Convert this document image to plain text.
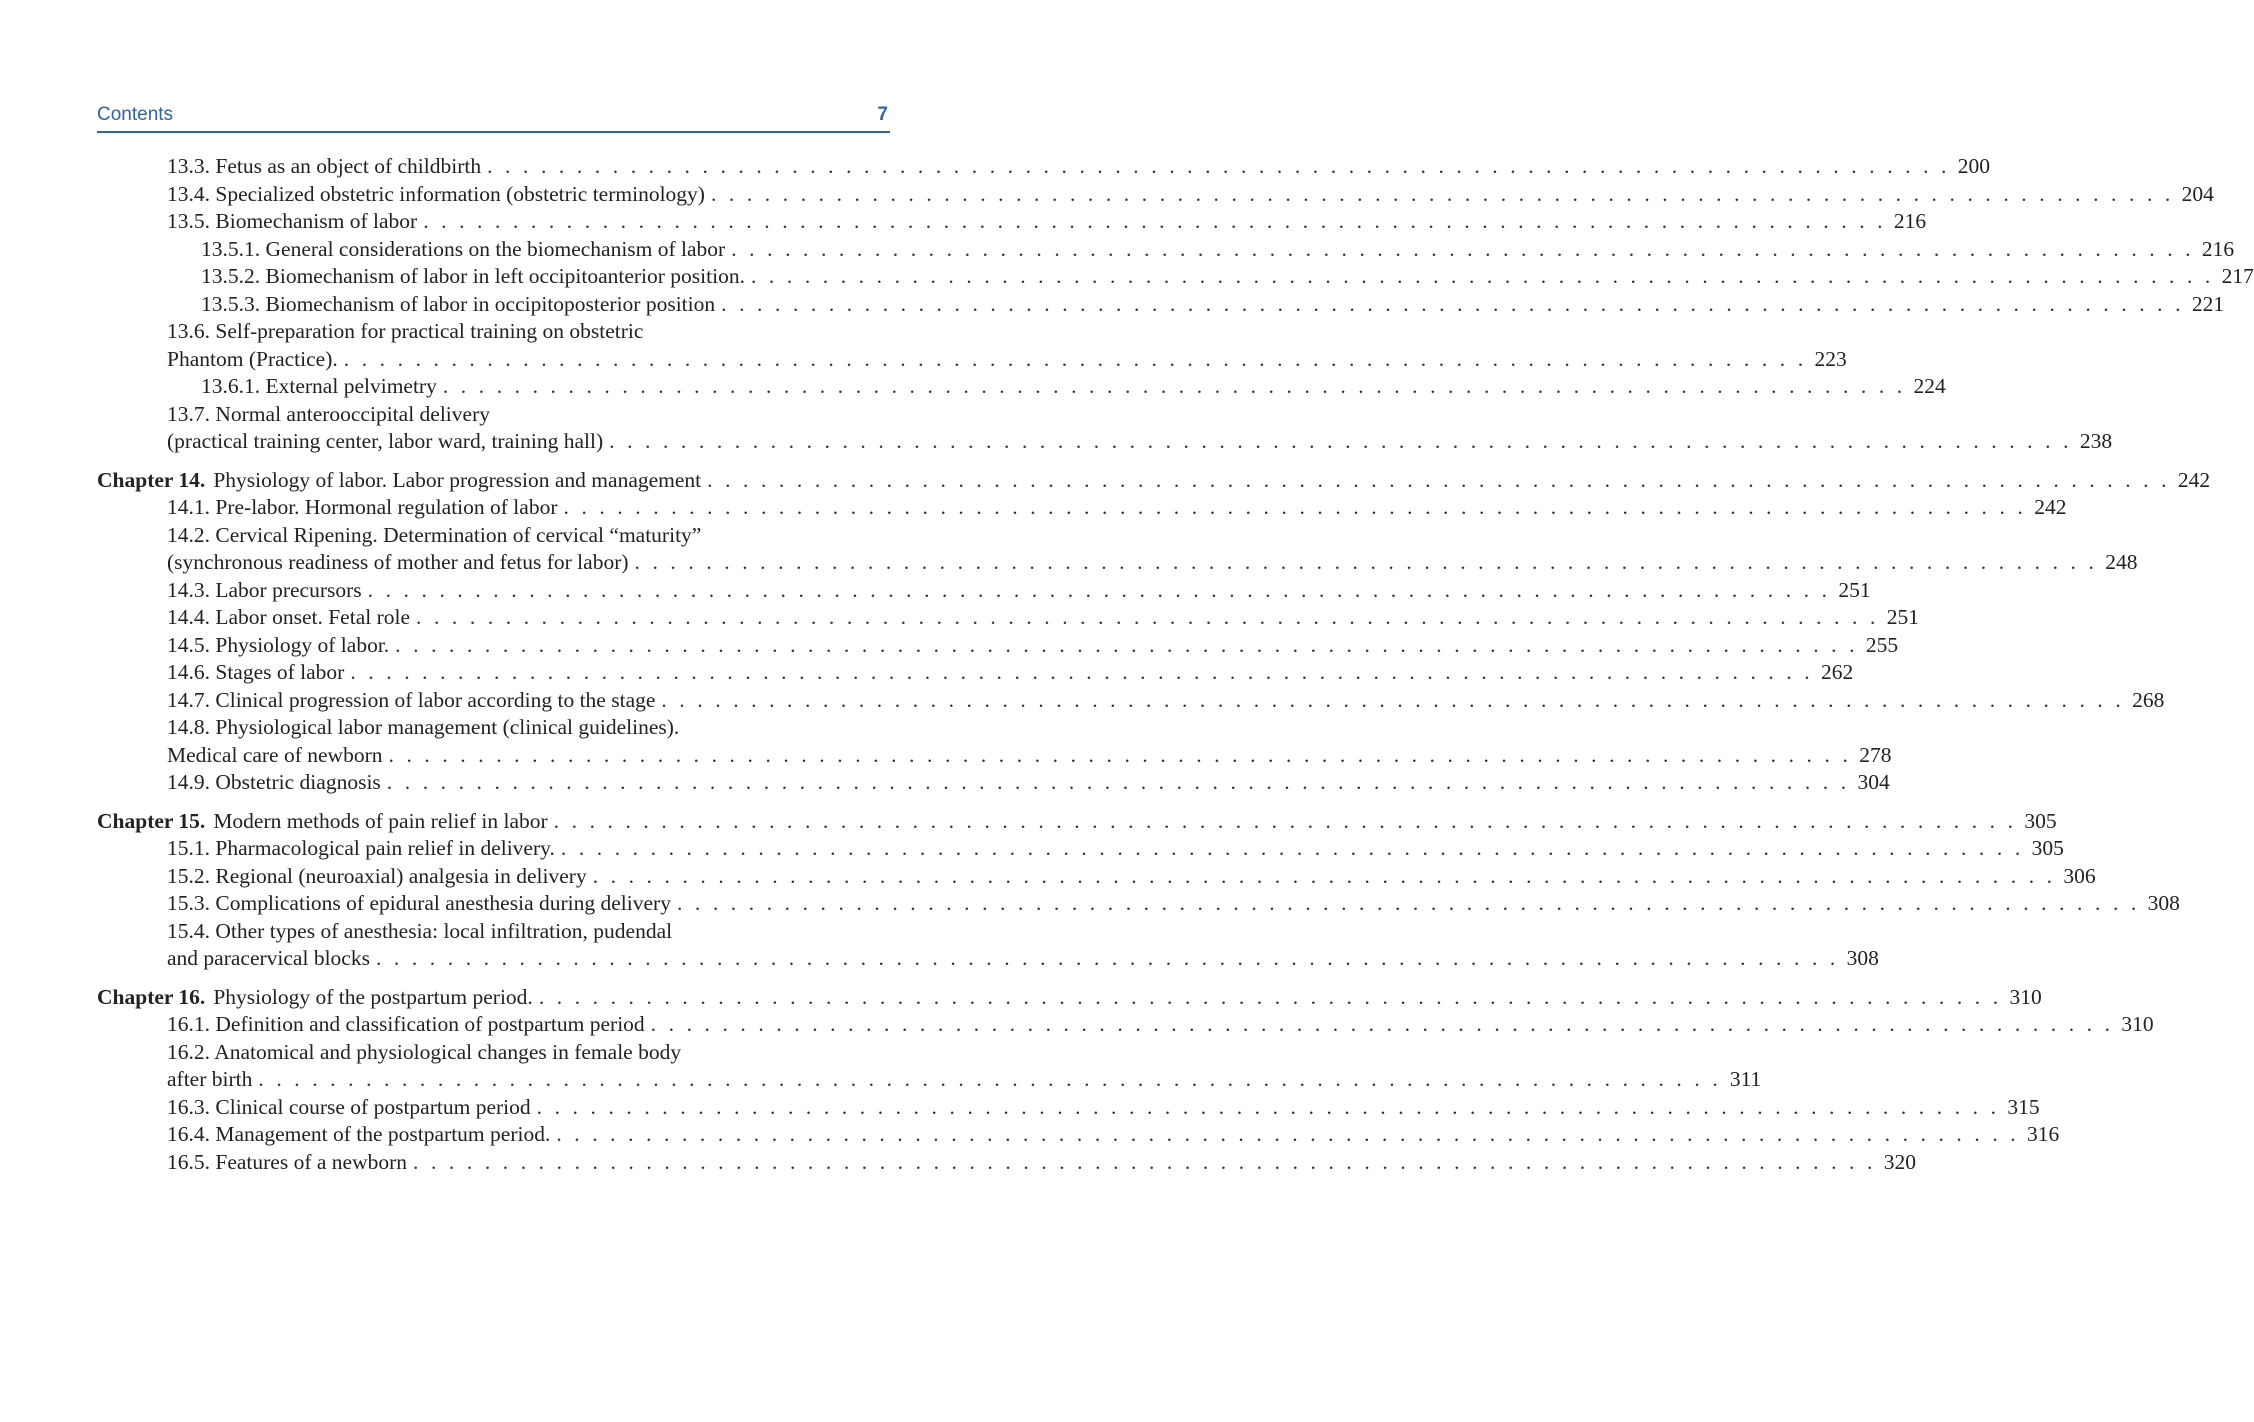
Contents	7
13.3. Fetus as an object of childbirth . . . . . . . . . . . . . . . . . . . . . . . . . . . . . . . . . . . . . . . . . . . . . . . . . . . . . . . . . . . . . . . . . . . . . . . . . . . . . . . . . . 200
13.4. Specialized obstetric information (obstetric terminology) . . . . . . . . . . . . . . . . . . . . . . . . . . . . . . . . . . . . . . . . . . . . . . . . . . . . . . . . . . . . . . . . . . . . . . . . . . . . . . . . . . 204
13.5. Biomechanism of labor . . . . . . . . . . . . . . . . . . . . . . . . . . . . . . . . . . . . . . . . . . . . . . . . . . . . . . . . . . . . . . . . . . . . . . . . . . . . . . . . . . 216
13.5.1. General considerations on the biomechanism of labor . . . . . . . . . . . . . . . . . . . . . . . . . . . . . . . . . . . . . . . . . . . . . . . . . . . . . . . . . . . . . . . . . . . . . . . . . . . . . . . . . . 216
13.5.2. Biomechanism of labor in left occipitoanterior position. . . . . . . . . . . . . . . . . . . . . . . . . . . . . . . . . . . . . . . . . . . . . . . . . . . . . . . . . . . . . . . . . . . . . . . . . . . . . . . . . . . 217
13.5.3. Biomechanism of labor in occipitoposterior position . . . . . . . . . . . . . . . . . . . . . . . . . . . . . . . . . . . . . . . . . . . . . . . . . . . . . . . . . . . . . . . . . . . . . . . . . . . . . . . . . . 221
13.6. Self-preparation for practical training on obstetric
Phantom (Practice). . . . . . . . . . . . . . . . . . . . . . . . . . . . . . . . . . . . . . . . . . . . . . . . . . . . . . . . . . . . . . . . . . . . . . . . . . . . . . . . . . . 223
13.6.1. External pelvimetry . . . . . . . . . . . . . . . . . . . . . . . . . . . . . . . . . . . . . . . . . . . . . . . . . . . . . . . . . . . . . . . . . . . . . . . . . . . . . . . . . . 224
13.7. Normal anterooccipital delivery
(practical training center, labor ward, training hall) . . . . . . . . . . . . . . . . . . . . . . . . . . . . . . . . . . . . . . . . . . . . . . . . . . . . . . . . . . . . . . . . . . . . . . . . . . . . . . . . . . 238
Chapter 14. Physiology of labor. Labor progression and management . . . . . . . . . . . . . . . . . . . . . . . . . . . . . . . . . . . . . . . . . . . . . . . . . . . . . . . . . . . . . . . . . . . . . . . . . . . . . . . . . . 242
14.1. Pre-labor. Hormonal regulation of labor . . . . . . . . . . . . . . . . . . . . . . . . . . . . . . . . . . . . . . . . . . . . . . . . . . . . . . . . . . . . . . . . . . . . . . . . . . . . . . . . . . 242
14.2. Cervical Ripening. Determination of cervical “maturity”
(synchronous readiness of mother and fetus for labor) . . . . . . . . . . . . . . . . . . . . . . . . . . . . . . . . . . . . . . . . . . . . . . . . . . . . . . . . . . . . . . . . . . . . . . . . . . . . . . . . . . 248
14.3. Labor precursors . . . . . . . . . . . . . . . . . . . . . . . . . . . . . . . . . . . . . . . . . . . . . . . . . . . . . . . . . . . . . . . . . . . . . . . . . . . . . . . . . . 251
14.4. Labor onset. Fetal role . . . . . . . . . . . . . . . . . . . . . . . . . . . . . . . . . . . . . . . . . . . . . . . . . . . . . . . . . . . . . . . . . . . . . . . . . . . . . . . . . . 251
14.5. Physiology of labor. . . . . . . . . . . . . . . . . . . . . . . . . . . . . . . . . . . . . . . . . . . . . . . . . . . . . . . . . . . . . . . . . . . . . . . . . . . . . . . . . . . 255
14.6. Stages of labor . . . . . . . . . . . . . . . . . . . . . . . . . . . . . . . . . . . . . . . . . . . . . . . . . . . . . . . . . . . . . . . . . . . . . . . . . . . . . . . . . . 262
14.7. Clinical progression of labor according to the stage . . . . . . . . . . . . . . . . . . . . . . . . . . . . . . . . . . . . . . . . . . . . . . . . . . . . . . . . . . . . . . . . . . . . . . . . . . . . . . . . . . 268
14.8. Physiological labor management (clinical guidelines).
Medical care of newborn . . . . . . . . . . . . . . . . . . . . . . . . . . . . . . . . . . . . . . . . . . . . . . . . . . . . . . . . . . . . . . . . . . . . . . . . . . . . . . . . . . 278
14.9. Obstetric diagnosis . . . . . . . . . . . . . . . . . . . . . . . . . . . . . . . . . . . . . . . . . . . . . . . . . . . . . . . . . . . . . . . . . . . . . . . . . . . . . . . . . . 304
Chapter 15. Modern methods of pain relief in labor . . . . . . . . . . . . . . . . . . . . . . . . . . . . . . . . . . . . . . . . . . . . . . . . . . . . . . . . . . . . . . . . . . . . . . . . . . . . . . . . . . 305
15.1. Pharmacological pain relief in delivery. . . . . . . . . . . . . . . . . . . . . . . . . . . . . . . . . . . . . . . . . . . . . . . . . . . . . . . . . . . . . . . . . . . . . . . . . . . . . . . . . . . 305
15.2. Regional (neuroaxial) analgesia in delivery . . . . . . . . . . . . . . . . . . . . . . . . . . . . . . . . . . . . . . . . . . . . . . . . . . . . . . . . . . . . . . . . . . . . . . . . . . . . . . . . . . 306
15.3. Complications of epidural anesthesia during delivery . . . . . . . . . . . . . . . . . . . . . . . . . . . . . . . . . . . . . . . . . . . . . . . . . . . . . . . . . . . . . . . . . . . . . . . . . . . . . . . . . . 308
15.4. Other types of anesthesia: local infiltration, pudendal
and paracervical blocks . . . . . . . . . . . . . . . . . . . . . . . . . . . . . . . . . . . . . . . . . . . . . . . . . . . . . . . . . . . . . . . . . . . . . . . . . . . . . . . . . . 308
Chapter 16. Physiology of the postpartum period. . . . . . . . . . . . . . . . . . . . . . . . . . . . . . . . . . . . . . . . . . . . . . . . . . . . . . . . . . . . . . . . . . . . . . . . . . . . . . . . . . . 310
16.1. Definition and classification of postpartum period . . . . . . . . . . . . . . . . . . . . . . . . . . . . . . . . . . . . . . . . . . . . . . . . . . . . . . . . . . . . . . . . . . . . . . . . . . . . . . . . . . 310
16.2. Anatomical and physiological changes in female body
after birth . . . . . . . . . . . . . . . . . . . . . . . . . . . . . . . . . . . . . . . . . . . . . . . . . . . . . . . . . . . . . . . . . . . . . . . . . . . . . . . . . . 311
16.3. Clinical course of postpartum period . . . . . . . . . . . . . . . . . . . . . . . . . . . . . . . . . . . . . . . . . . . . . . . . . . . . . . . . . . . . . . . . . . . . . . . . . . . . . . . . . . 315
16.4. Management of the postpartum period. . . . . . . . . . . . . . . . . . . . . . . . . . . . . . . . . . . . . . . . . . . . . . . . . . . . . . . . . . . . . . . . . . . . . . . . . . . . . . . . . . . 316
16.5. Features of a newborn . . . . . . . . . . . . . . . . . . . . . . . . . . . . . . . . . . . . . . . . . . . . . . . . . . . . . . . . . . . . . . . . . . . . . . . . . . . . . . . . . . 320
